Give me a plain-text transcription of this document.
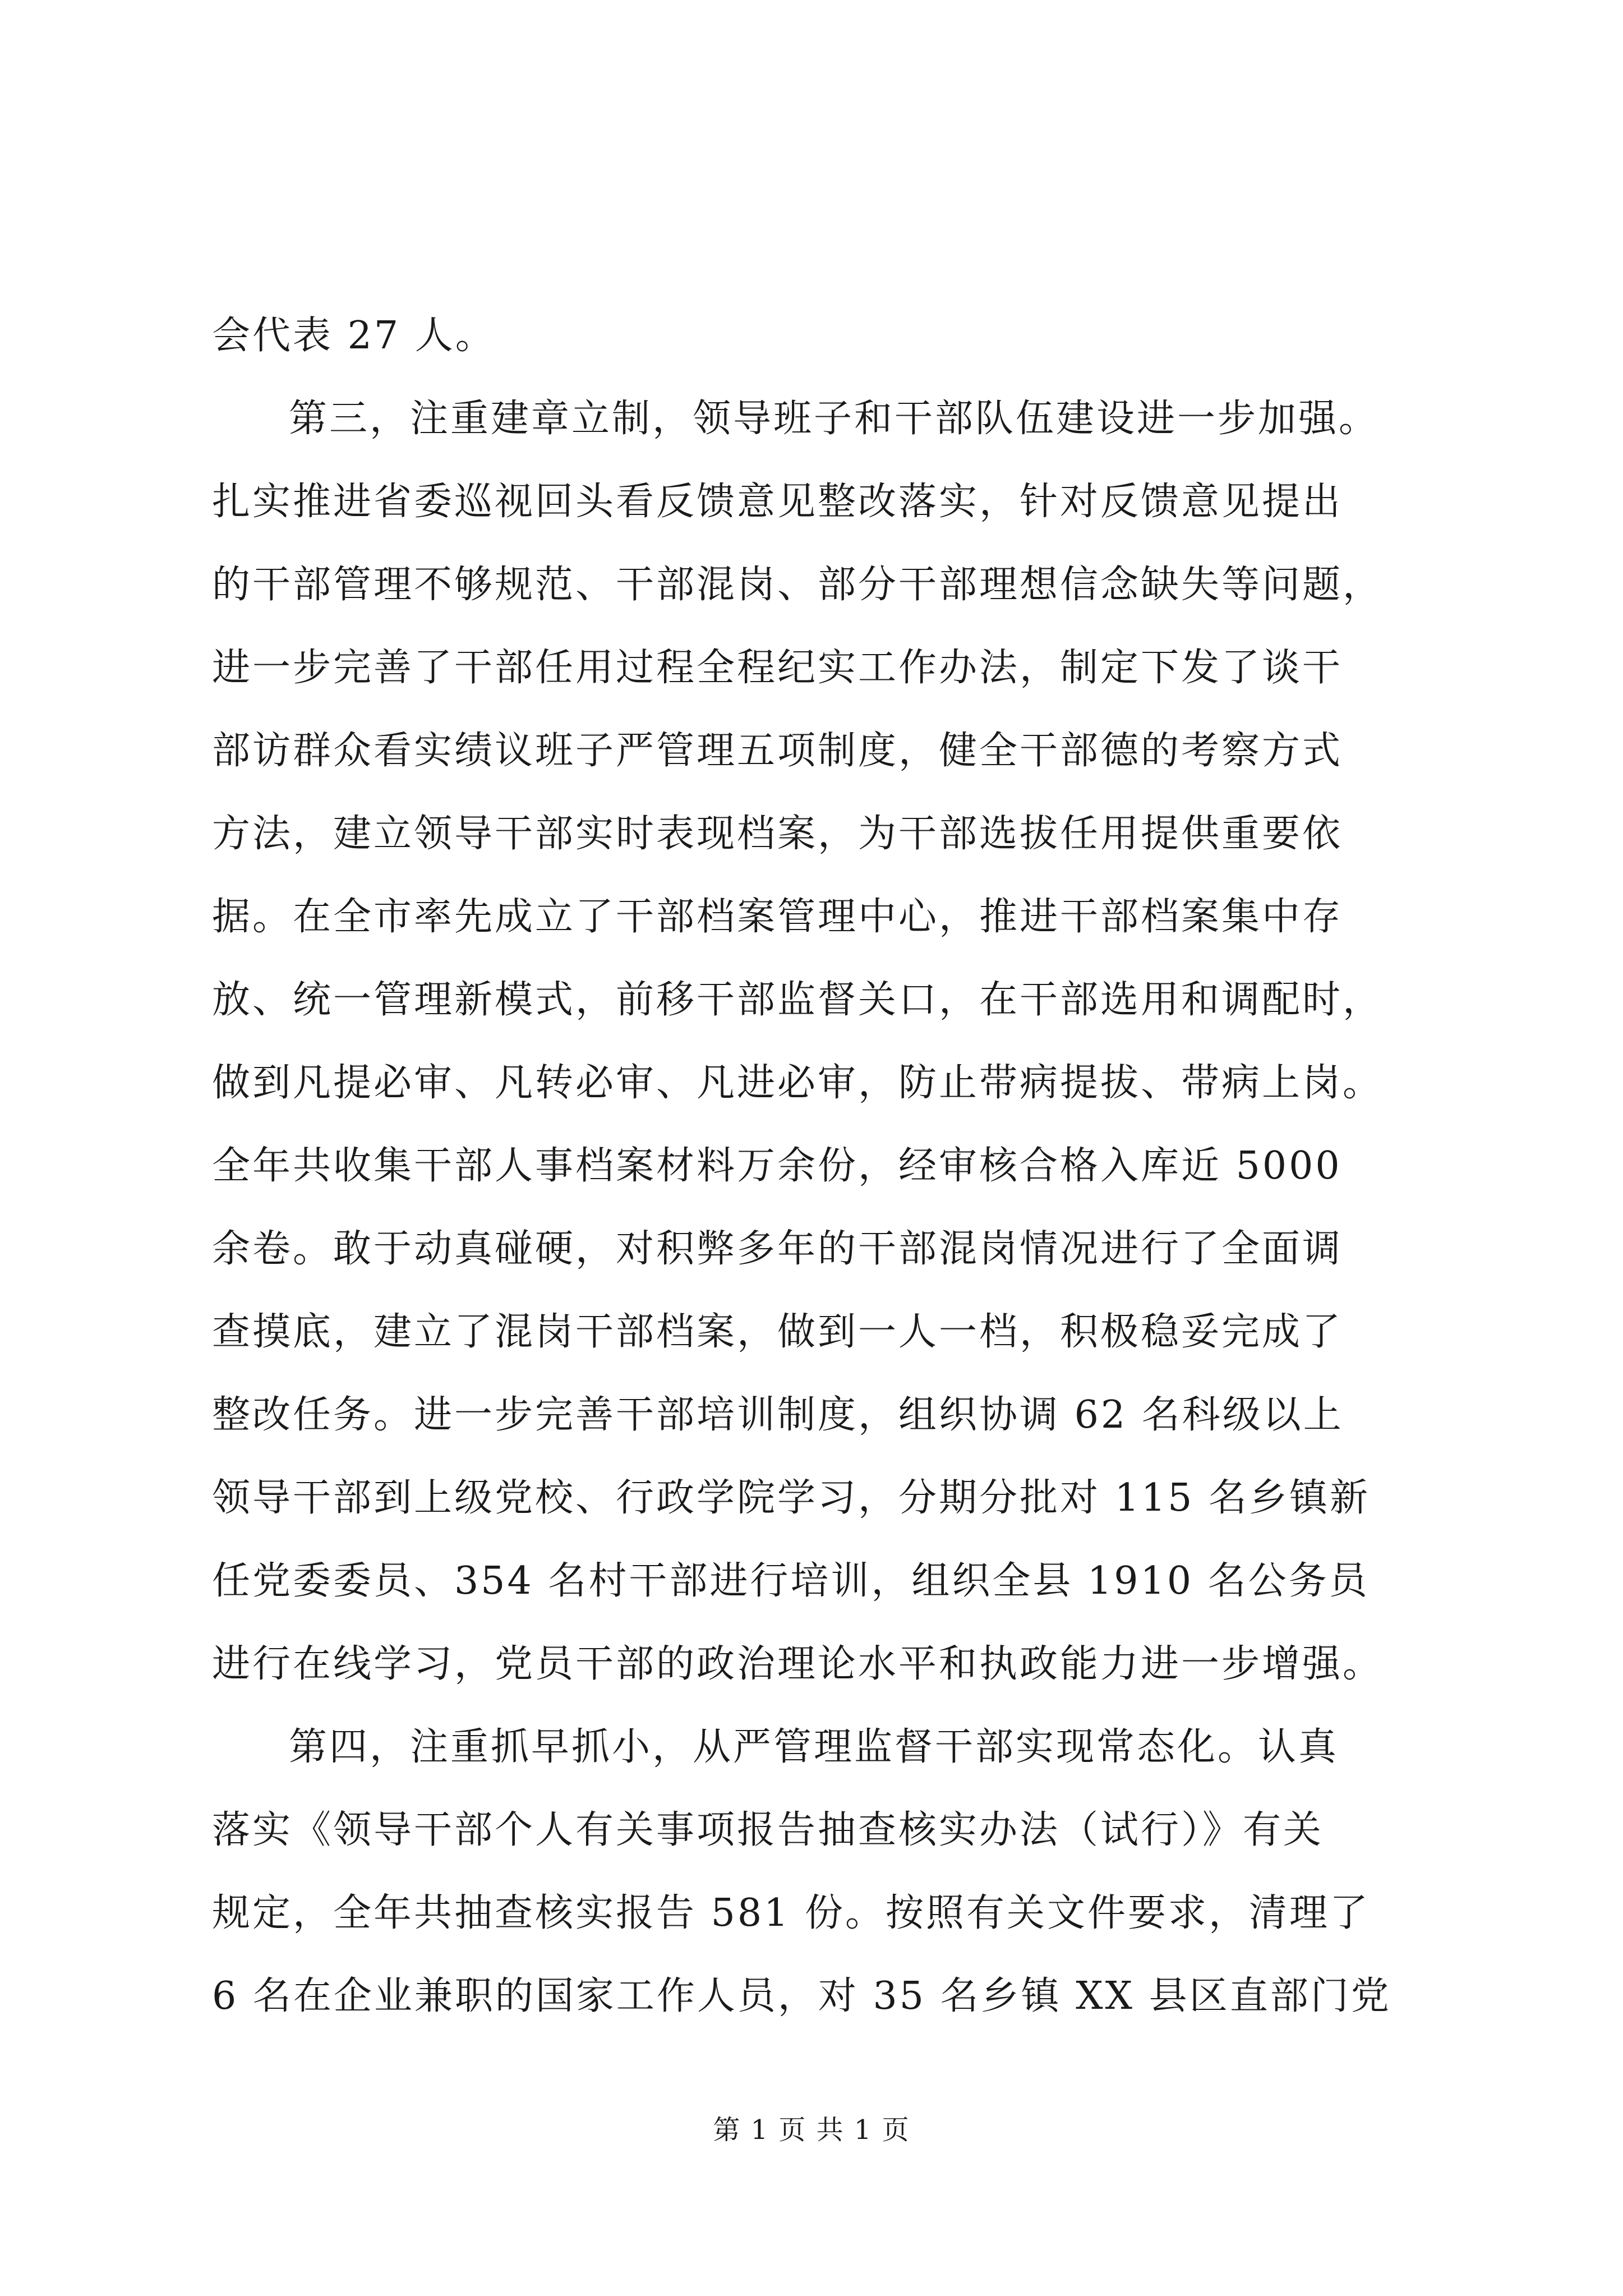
会代表 27 人。
第三，注重建章立制，领导班子和干部队伍建设进一步加强。
扎实推进省委巡视回头看反馈意见整改落实，针对反馈意见提出
的干部管理不够规范、干部混岗、部分干部理想信念缺失等问题，
进一步完善了干部任用过程全程纪实工作办法，制定下发了谈干
部访群众看实绩议班子严管理五项制度，健全干部德的考察方式
方法，建立领导干部实时表现档案，为干部选拔任用提供重要依
据。在全市率先成立了干部档案管理中心，推进干部档案集中存
放、统一管理新模式，前移干部监督关口，在干部选用和调配时，
做到凡提必审、凡转必审、凡进必审，防止带病提拔、带病上岗。
全年共收集干部人事档案材料万余份，经审核合格入库近 5000
余卷。敢于动真碰硬，对积弊多年的干部混岗情况进行了全面调
查摸底，建立了混岗干部档案，做到一人一档，积极稳妥完成了
整改任务。进一步完善干部培训制度，组织协调 62 名科级以上
领导干部到上级党校、行政学院学习，分期分批对 115 名乡镇新
任党委委员、354 名村干部进行培训，组织全县 1910 名公务员
进行在线学习，党员干部的政治理论水平和执政能力进一步增强。
第四，注重抓早抓小，从严管理监督干部实现常态化。认真
落实《领导干部个人有关事项报告抽查核实办法（试行）》有关
规定，全年共抽查核实报告 581 份。按照有关文件要求，清理了
6 名在企业兼职的国家工作人员，对 35 名乡镇 XX 县区直部门党
第 1 页 共 1 页
